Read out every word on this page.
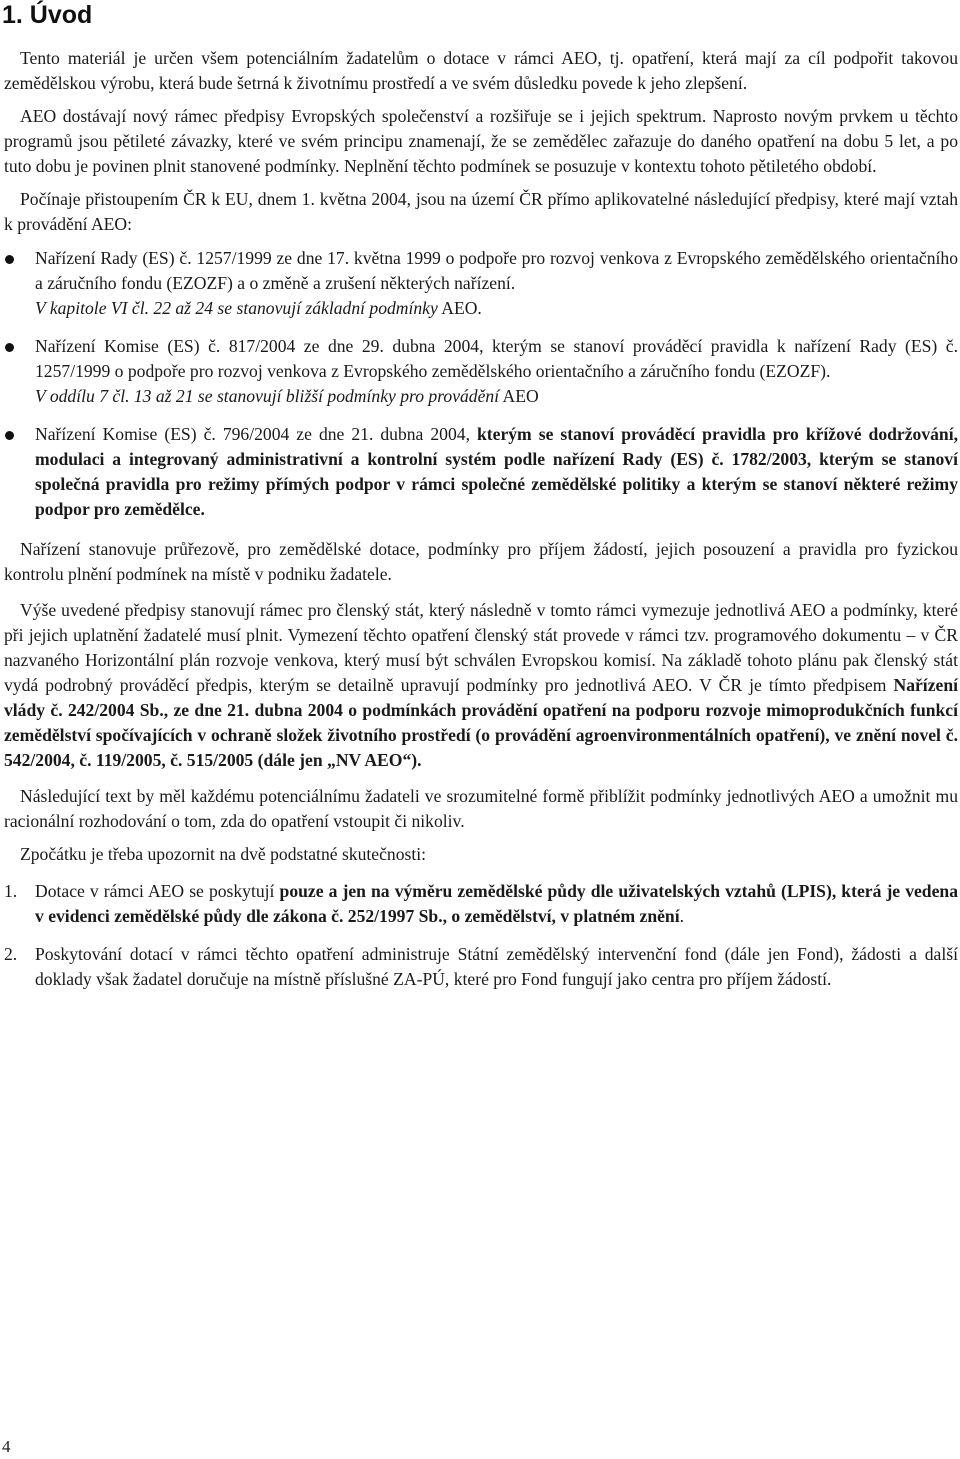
1. Úvod

Tento materiál je určen všem potenciálním žadatelům o dotace v rámci AEO, tj. opatření, která mají za cíl podpořit takovou zemědělskou výrobu, která bude šetrná k životnímu prostředí a ve svém důsledku povede k jeho zlepšení.

AEO dostávají nový rámec předpisy Evropských společenství a rozšiřuje se i jejich spektrum. Naprosto novým prvkem u těchto programů jsou pětileté závazky, které ve svém principu znamenají, že se zemědělec zařazuje do daného opatření na dobu 5 let, a po tuto dobu je povinen plnit stanovené podmínky. Neplnění těchto podmínek se posuzuje v kontextu tohoto pětiletého období.

Počínaje přistoupením ČR k EU, dnem 1. května 2004, jsou na území ČR přímo aplikovatelné následující předpisy, které mají vztah k provádění AEO:

Nařízení Rady (ES) č. 1257/1999 ze dne 17. května 1999 o podpoře pro rozvoj venkova z Evropského zemědělského orientačního a záručního fondu (EZOZF) a o změně a zrušení některých nařízení.
V kapitole VI čl. 22 až 24 se stanovují základní podmínky AEO.
Nařízení Komise (ES) č. 817/2004 ze dne 29. dubna 2004, kterým se stanoví prováděcí pravidla k nařízení Rady (ES) č. 1257/1999 o podpoře pro rozvoj venkova z Evropského zemědělského orientačního a záručního fondu (EZOZF).
V oddílu 7 čl. 13 až 21 se stanovují bližší podmínky pro provádění AEO
Nařízení Komise (ES) č. 796/2004 ze dne 21. dubna 2004, kterým se stanoví prováděcí pravidla pro křížové dodržování, modulaci a integrovaný administrativní a kontrolní systém podle nařízení Rady (ES) č. 1782/2003, kterým se stanoví společná pravidla pro režimy přímých podpor v rámci společné zemědělské politiky a kterým se stanoví některé režimy podpor pro zemědělce.

Nařízení stanovuje průřezově, pro zemědělské dotace, podmínky pro příjem žádostí, jejich posouzení a pravidla pro fyzickou kontrolu plnění podmínek na místě v podniku žadatele.

Výše uvedené předpisy stanovují rámec pro členský stát, který následně v tomto rámci vymezuje jednotlivá AEO a podmínky, které při jejich uplatnění žadatelé musí plnit. Vymezení těchto opatření členský stát provede v rámci tzv. programového dokumentu – v ČR nazvaného Horizontální plán rozvoje venkova, který musí být schválen Evropskou komisí. Na základě tohoto plánu pak členský stát vydá podrobný prováděcí předpis, kterým se detailně upravují podmínky pro jednotlivá AEO. V ČR je tímto předpisem Nařízení vlády č. 242/2004 Sb., ze dne 21. dubna 2004 o podmínkách provádění opatření na podporu rozvoje mimoprodukčních funkcí zemědělství spočívajících v ochraně složek životního prostředí (o provádění agroenvironmentálních opatření), ve znění novel č. 542/2004, č. 119/2005, č. 515/2005 (dále jen „NV AEO“).

Následující text by měl každému potenciálnímu žadateli ve srozumitelné formě přiblížit podmínky jednotlivých AEO a umožnit mu racionální rozhodování o tom, zda do opatření vstoupit či nikoliv.

Zpočátku je třeba upozornit na dvě podstatné skutečnosti:

1. Dotace v rámci AEO se poskytují pouze a jen na výměru zemědělské půdy dle uživatelských vztahů (LPIS), která je vedena v evidenci zemědělské půdy dle zákona č. 252/1997 Sb., o zemědělství, v platném znění.
2. Poskytování dotací v rámci těchto opatření administruje Státní zemědělský intervenční fond (dále jen Fond), žádosti a další doklady však žadatel doručuje na místně příslušné ZA-PÚ, které pro Fond fungují jako centra pro příjem žádostí.
4
